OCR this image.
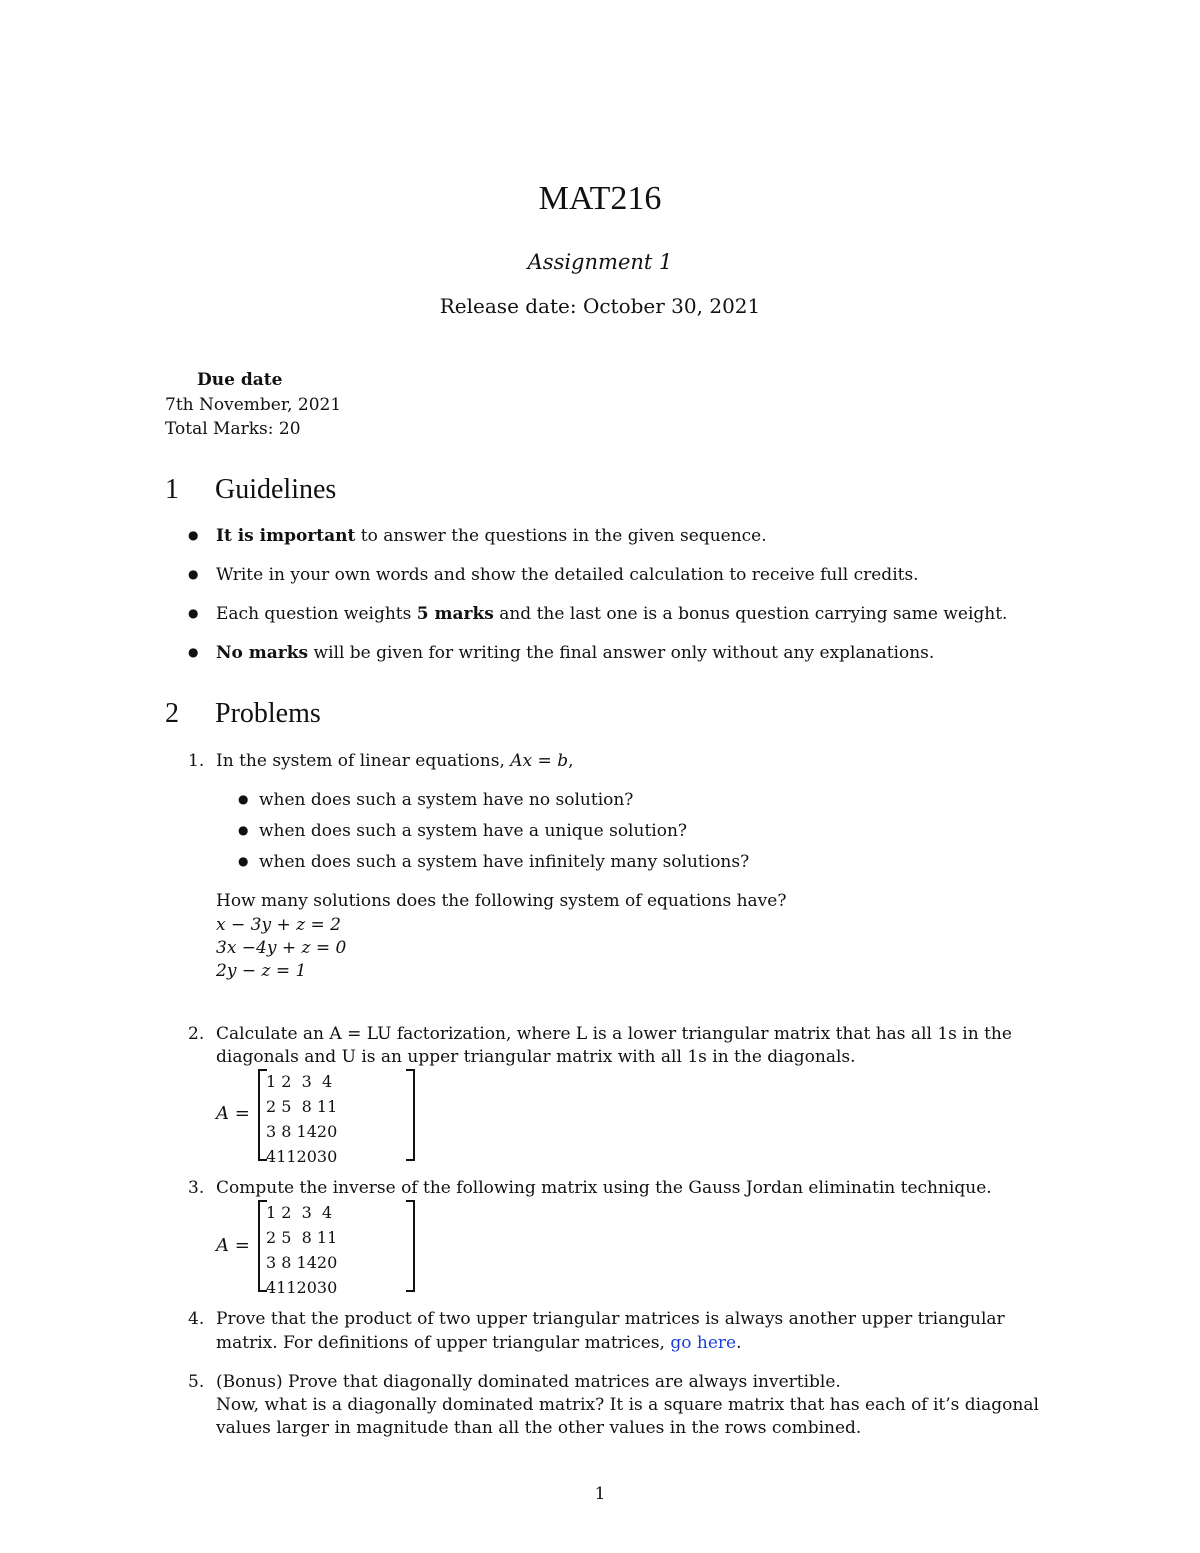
MAT216
Assignment 1
Release date: October 30, 2021
Due date
7th November, 2021
Total Marks: 20
1 Guidelines
● It is important to answer the questions in the given sequence.
● Write in your own words and show the detailed calculation to receive full credits.
● Each question weights 5 marks and the last one is a bonus question carrying same weight.
● No marks will be given for writing the final answer only without any explanations.
2 Problems
1. In the system of linear equations, Ax = b,
● when does such a system have no solution?
● when does such a system have a unique solution?
● when does such a system have infinitely many solutions?
How many solutions does the following system of equations have?
x − 3y + z = 2
3x −4y + z = 0
2y − z = 1
2. Calculate an A = LU factorization, where L is a lower triangular matrix that has all 1s in the
diagonals and U is an upper triangular matrix with all 1s in the diagonals.
A =
1	2	3	4
2	5	8	11
3	8	14	20
4	11	20	30
3. Compute the inverse of the following matrix using the Gauss Jordan eliminatin technique.
A =
1	2	3	4
2	5	8	11
3	8	14	20
4	11	20	30
4. Prove that the product of two upper triangular matrices is always another upper triangular
matrix. For definitions of upper triangular matrices, go here.
5. (Bonus) Prove that diagonally dominated matrices are always invertible.
Now, what is a diagonally dominated matrix? It is a square matrix that has each of it’s diagonal
values larger in magnitude than all the other values in the rows combined.
1
